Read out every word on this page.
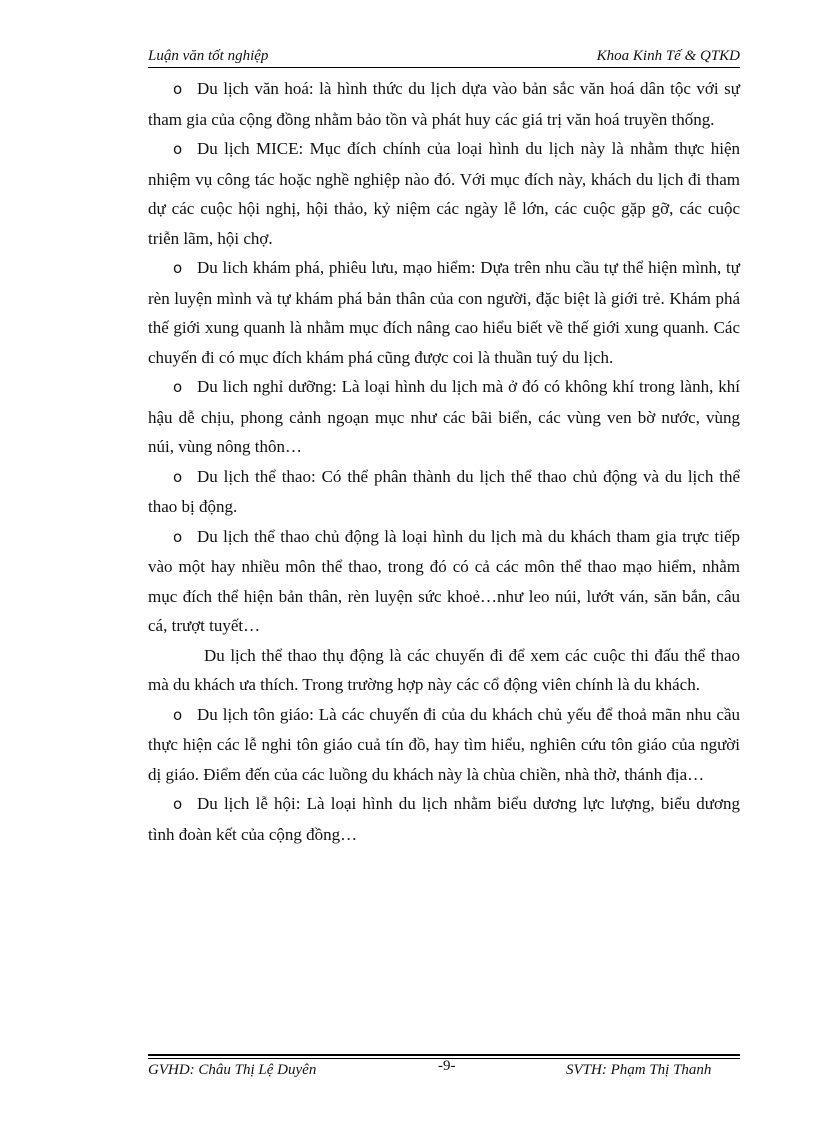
Luận văn tốt nghiệp	Khoa Kinh Tế & QTKD

o Du lịch văn hoá: là hình thức du lịch dựa vào bản sắc văn hoá dân tộc với sự tham gia của cộng đồng nhằm bảo tồn và phát huy các giá trị văn hoá truyền thống.

o Du lịch MICE: Mục đích chính của loại hình du lịch này là nhằm thực hiện nhiệm vụ công tác hoặc nghề nghiệp nào đó. Với mục đích này, khách du lịch đi tham dự các cuộc hội nghị, hội thảo, kỷ niệm các ngày lễ lớn, các cuộc gặp gỡ, các cuộc triễn lãm, hội chợ.

o Du lich khám phá, phiêu lưu, mạo hiểm: Dựa trên nhu cầu tự thể hiện mình, tự rèn luyện mình và tự khám phá bản thân của con người, đặc biệt là giới trẻ. Khám phá thế giới xung quanh là nhằm mục đích nâng cao hiểu biết về thế giới xung quanh. Các chuyến đi có mục đích khám phá cũng được coi là thuần tuý du lịch.

o Du lich nghỉ dưỡng: Là loại hình du lịch mà ở đó có không khí trong lành, khí hậu dễ chịu, phong cảnh ngoạn mục như các bãi biển, các vùng ven bờ nước, vùng núi, vùng nông thôn…

o Du lịch thể thao: Có thể phân thành du lịch thể thao chủ động và du lịch thể thao bị động.

o Du lịch thể thao chủ động là loại hình du lịch mà du khách tham gia trực tiếp vào một hay nhiều môn thể thao, trong đó có cả các môn thể thao mạo hiểm, nhằm mục đích thể hiện bản thân, rèn luyện sức khoẻ…như leo núi, lướt ván, săn bắn, câu cá, trượt tuyết…

Du lịch thể thao thụ động là các chuyến đi để xem các cuộc thi đấu thể thao mà du khách ưa thích. Trong trường hợp này các cổ động viên chính là du khách.

o Du lịch tôn giáo: Là các chuyến đi của du khách chủ yếu để thoả mãn nhu cầu thực hiện các lễ nghi tôn giáo cuả tín đồ, hay tìm hiểu, nghiên cứu tôn giáo của người dị giáo. Điểm đến của các luồng du khách này là chùa chiền, nhà thờ, thánh địa…

o Du lịch lễ hội: Là loại hình du lịch nhằm biểu dương lực lượng, biểu dương tình đoàn kết của cộng đồng…

GVHD: Châu Thị Lệ Duyên	-9-	SVTH: Phạm Thị Thanh
